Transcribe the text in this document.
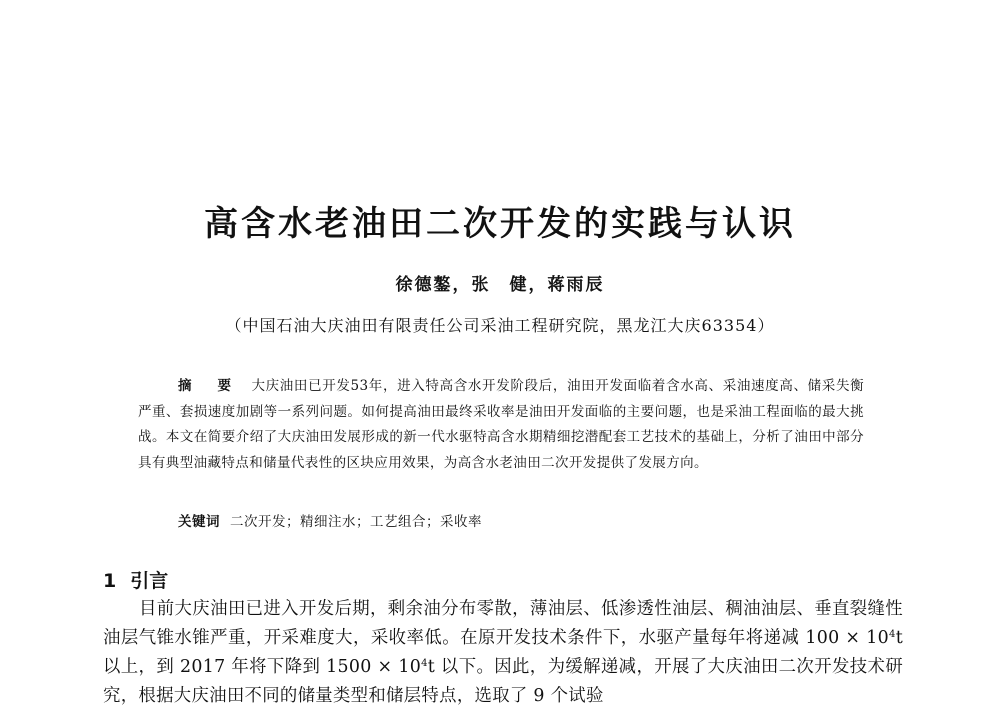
高含水老油田二次开发的实践与认识
徐德鏊，张　健，蒋雨辰
（中国石油大庆油田有限责任公司采油工程研究院，黑龙江大庆63354）
摘　要　 大庆油田已开发53年，进入特高含水开发阶段后，油田开发面临着含水高、采油速度高、储采失衡严重、套损速度加剧等一系列问题。如何提高油田最终采收率是油田开发面临的主要问题，也是采油工程面临的最大挑战。本文在简要介绍了大庆油田发展形成的新一代水驱特高含水期精细挖潜配套工艺技术的基础上，分析了油田中部分具有典型油藏特点和储量代表性的区块应用效果，为高含水老油田二次开发提供了发展方向。
关键词 二次开发；精细注水；工艺组合；采收率
1 引言
目前大庆油田已进入开发后期，剩余油分布零散，薄油层、低渗透性油层、稠油油层、垂直裂缝性油层气锥水锥严重，开采难度大，采收率低。在原开发技术条件下，水驱产量每年将递减 $100 \times 10^4t$ 以上，到 2017 年将下降到 $1500 \times 10^4t$ 以下。因此，为缓解递减，开展了大庆油田二次开发技术研究，根据大庆油田不同的储量类型和储层特点，选取了 9 个试验
